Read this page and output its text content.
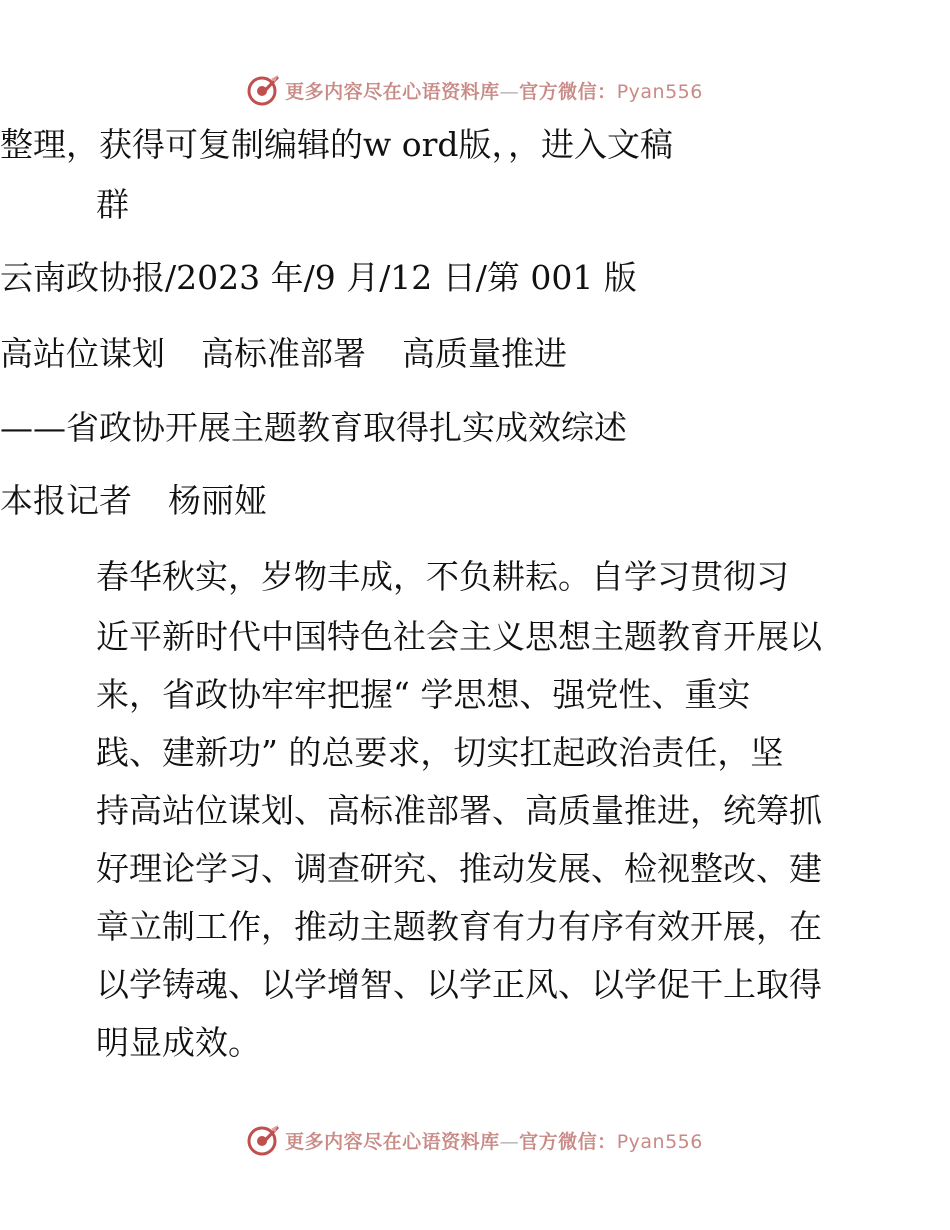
更多内容尽在心语资料库—官方微信：Pyan556
整理，获得可复制编辑的w ord版，，进入文稿
群
云南政协报/2023 年/9 月/12 日/第 001 版
高站位谋划 高标准部署 高质量推进
——省政协开展主题教育取得扎实成效综述
本报记者 杨丽娅
春华秋实，岁物丰成，不负耕耘。自学习贯彻习
近平新时代中国特色社会主义思想主题教育开展以
来，省政协牢牢把握“ 学思想、强党性、重实
践、建新功” 的总要求，切实扛起政治责任，坚
持高站位谋划、高标准部署、高质量推进，统筹抓
好理论学习、调查研究、推动发展、检视整改、建
章立制工作，推动主题教育有力有序有效开展，在
以学铸魂、以学增智、以学正风、以学促干上取得
明显成效。
更多内容尽在心语资料库—官方微信：Pyan556
